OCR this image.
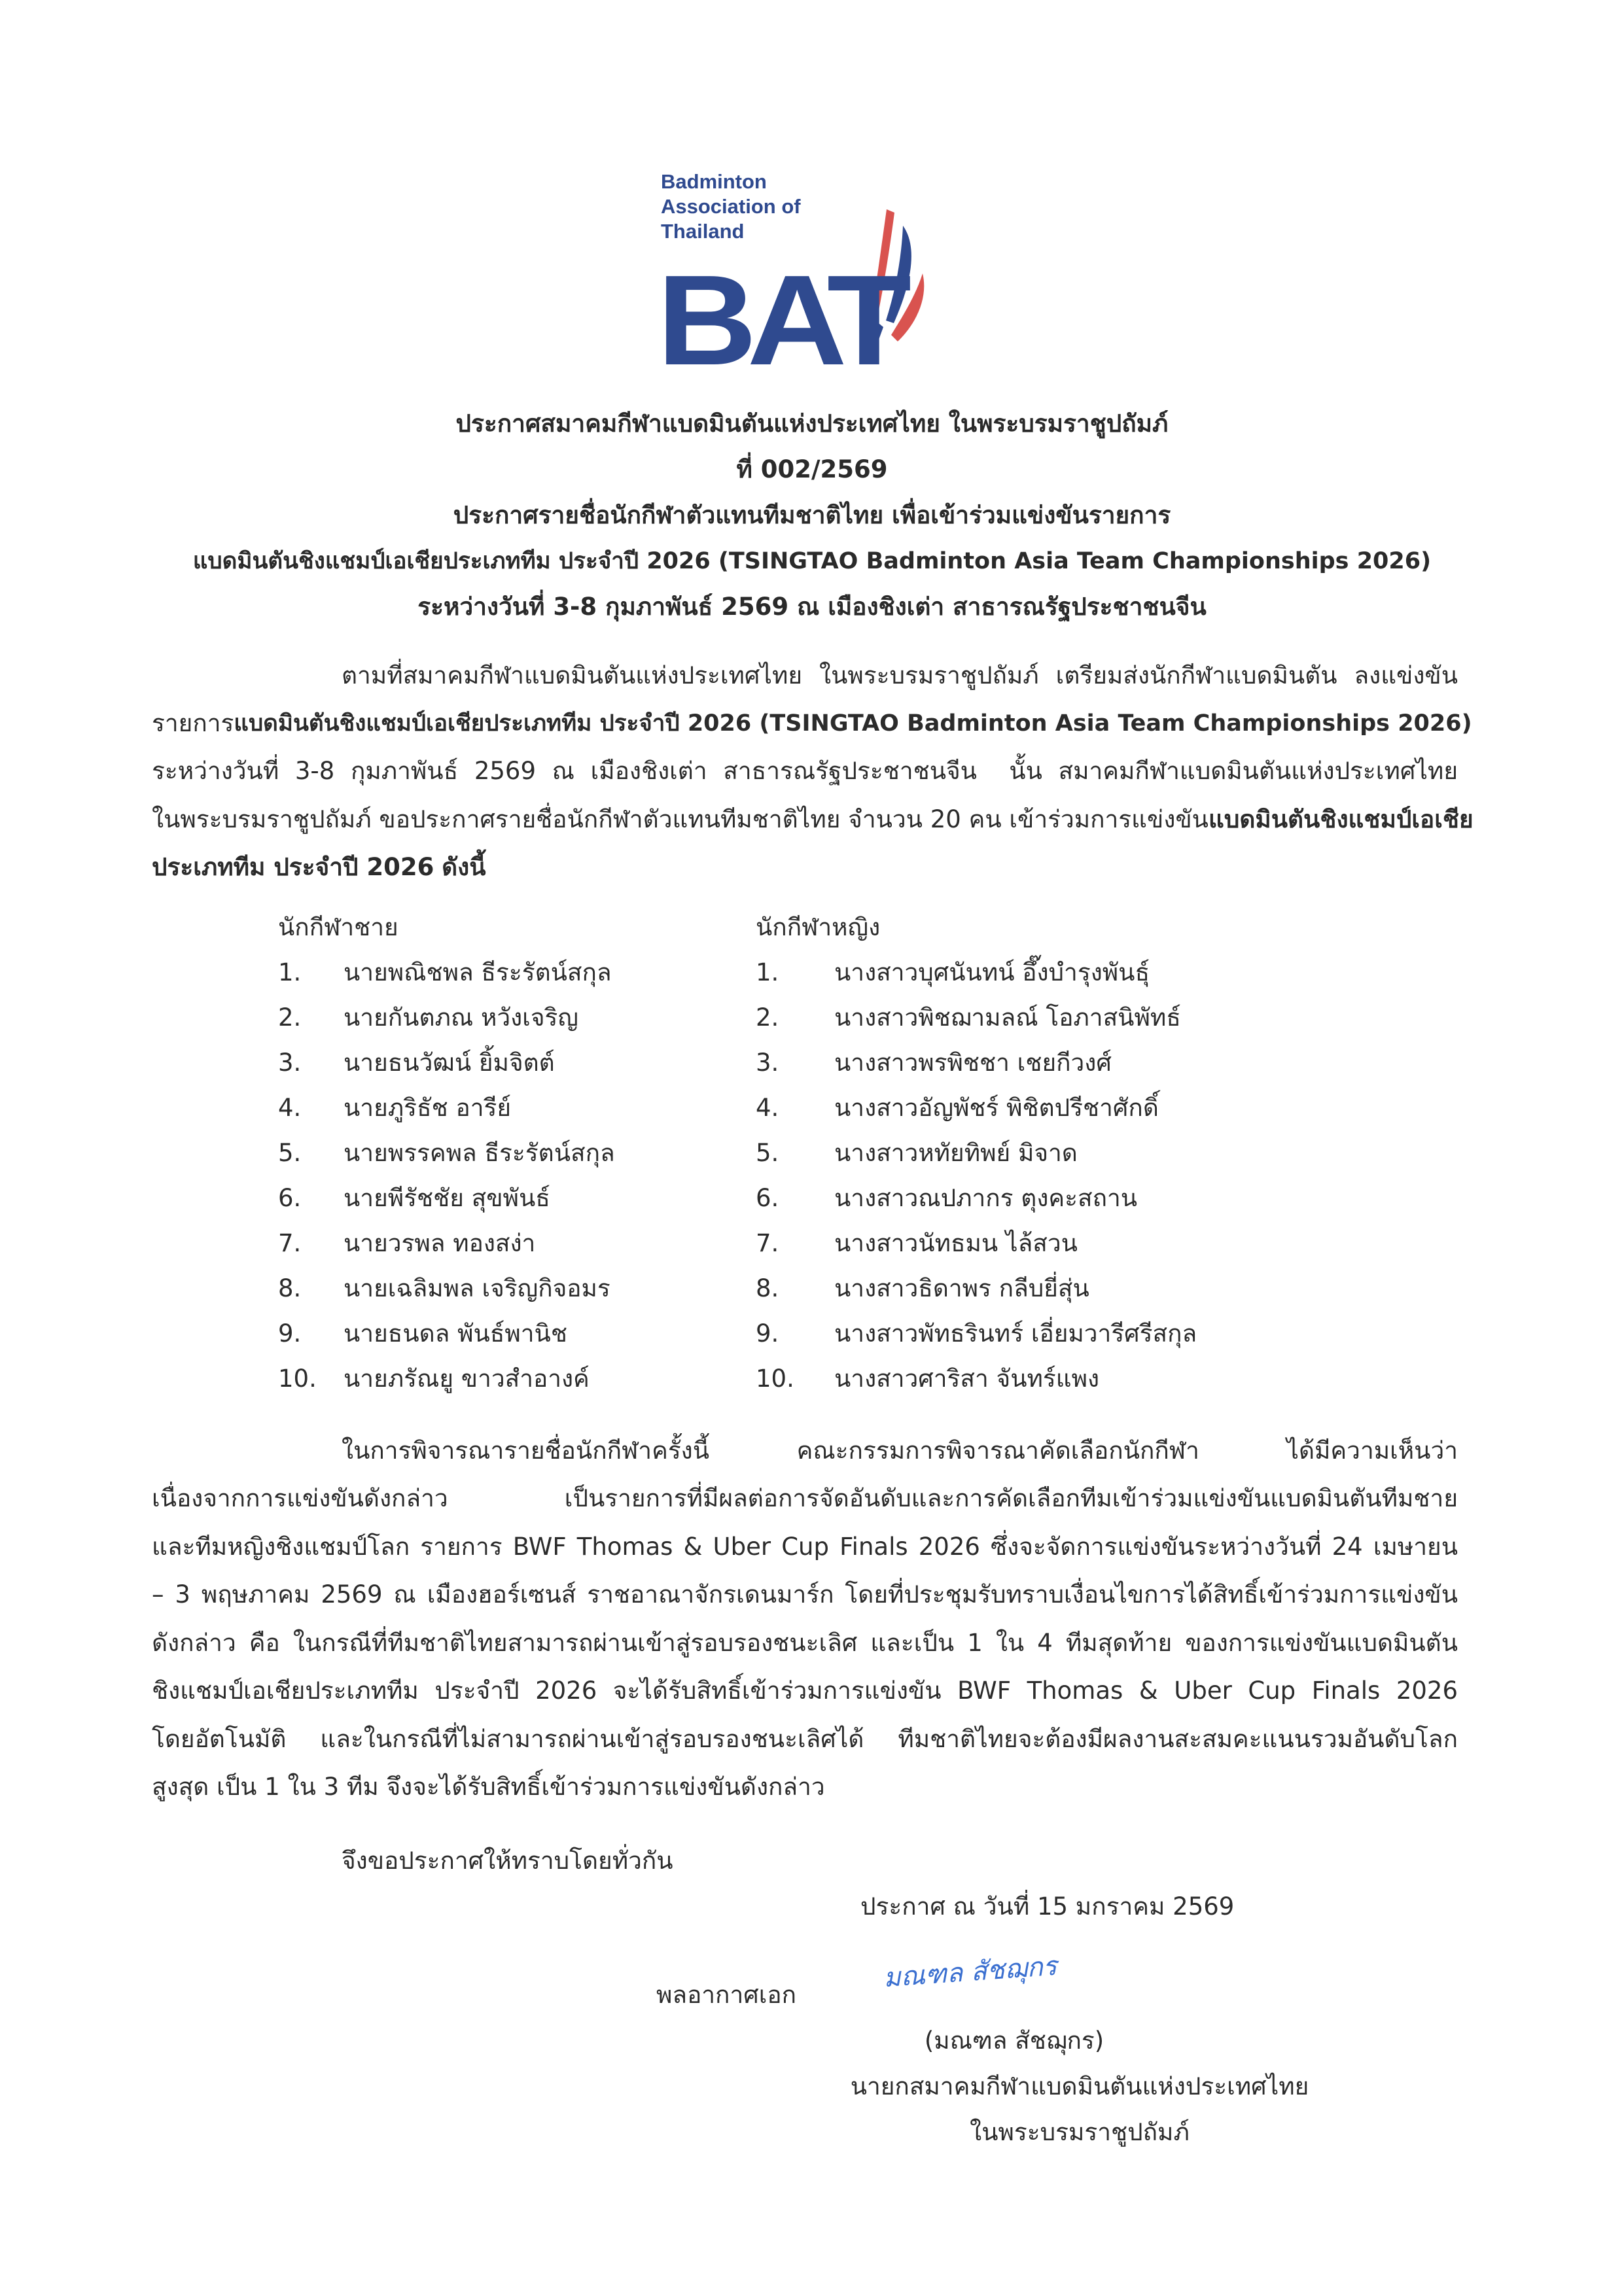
Badminton
Association of
Thailand
BAT
ประกาศสมาคมกีฬาแบดมินตันแห่งประเทศไทย ในพระบรมราชูปถัมภ์
ที่ 002/2569
ประกาศรายชื่อนักกีฬาตัวแทนทีมชาติไทย เพื่อเข้าร่วมแข่งขันรายการ
แบดมินตันชิงแชมป์เอเชียประเภททีม ประจำปี 2026 (TSINGTAO Badminton Asia Team Championships 2026)
ระหว่างวันที่ 3-8 กุมภาพันธ์ 2569 ณ เมืองชิงเต่า สาธารณรัฐประชาชนจีน
ตามที่สมาคมกีฬาแบดมินตันแห่งประเทศไทย ในพระบรมราชูปถัมภ์ เตรียมส่งนักกีฬาแบดมินตัน ลงแข่งขัน
รายการ แบดมินตันชิงแชมป์เอเชียประเภททีม ประจำปี 2026 (TSINGTAO Badminton Asia Team Championships 2026)
ระหว่างวันที่ 3-8 กุมภาพันธ์ 2569 ณ เมืองชิงเต่า สาธารณรัฐประชาชนจีน  นั้น สมาคมกีฬาแบดมินตันแห่งประเทศไทย
ในพระบรมราชูปถัมภ์ ขอประกาศรายชื่อนักกีฬาตัวแทนทีมชาติไทย จำนวน 20 คน เข้าร่วมการแข่งขัน แบดมินตันชิงแชมป์เอเชีย
ประเภททีม ประจำปี 2026 ดังนี้
นักกีฬาชาย	นักกีฬาหญิง
1. นายพณิชพล ธีระรัตน์สกุล
2. นายกันตภณ หวังเจริญ
3. นายธนวัฒน์ ยิ้มจิตต์
4. นายภูริธัช อารีย์
5. นายพรรคพล ธีระรัตน์สกุล
6. นายพีรัชชัย สุขพันธ์
7. นายวรพล ทองสง่า
8. นายเฉลิมพล เจริญกิจอมร
9. นายธนดล พันธ์พานิช
10. นายภรัณยู ขาวสำอางค์
1. นางสาวบุศนันทน์ อึ๊งบำรุงพันธุ์
2. นางสาวพิชฌามลณ์ โอภาสนิพัทธ์
3. นางสาวพรพิชชา เชยกีวงศ์
4. นางสาวอัญพัชร์ พิชิตปรีชาศักดิ์
5. นางสาวหทัยทิพย์ มิจาด
6. นางสาวณปภากร ตุงคะสถาน
7. นางสาวนัทธมน ไล้สวน
8. นางสาวธิดาพร กลีบยี่สุ่น
9. นางสาวพัทธรินทร์ เอี่ยมวารีศรีสกุล
10. นางสาวศาริสา จันทร์แพง
ในการพิจารณารายชื่อนักกีฬาครั้งนี้ คณะกรรมการพิจารณาคัดเลือกนักกีฬา ได้มีความเห็นว่า
เนื่องจากการแข่งขันดังกล่าว เป็นรายการที่มีผลต่อการจัดอันดับและการคัดเลือกทีมเข้าร่วมแข่งขันแบดมินตันทีมชาย
และทีมหญิงชิงแชมป์โลก รายการ BWF Thomas & Uber Cup Finals 2026 ซึ่งจะจัดการแข่งขันระหว่างวันที่ 24 เมษายน
– 3 พฤษภาคม 2569 ณ เมืองฮอร์เซนส์ ราชอาณาจักรเดนมาร์ก โดยที่ประชุมรับทราบเงื่อนไขการได้สิทธิ์เข้าร่วมการแข่งขัน
ดังกล่าว คือ ในกรณีที่ทีมชาติไทยสามารถผ่านเข้าสู่รอบรองชนะเลิศ และเป็น 1 ใน 4 ทีมสุดท้าย ของการแข่งขันแบดมินตัน
ชิงแชมป์เอเชียประเภททีม ประจำปี 2026 จะได้รับสิทธิ์เข้าร่วมการแข่งขัน BWF Thomas & Uber Cup Finals 2026
โดยอัตโนมัติ และในกรณีที่ไม่สามารถผ่านเข้าสู่รอบรองชนะเลิศได้ ทีมชาติไทยจะต้องมีผลงานสะสมคะแนนรวมอันดับโลก
สูงสุด เป็น 1 ใน 3 ทีม จึงจะได้รับสิทธิ์เข้าร่วมการแข่งขันดังกล่าว
จึงขอประกาศให้ทราบโดยทั่วกัน
ประกาศ ณ วันที่ 15 มกราคม 2569
พลอากาศเอก
มณฑล สัชฌุกร
(มณฑล สัชฌุกร)
นายกสมาคมกีฬาแบดมินตันแห่งประเทศไทย
ในพระบรมราชูปถัมภ์
